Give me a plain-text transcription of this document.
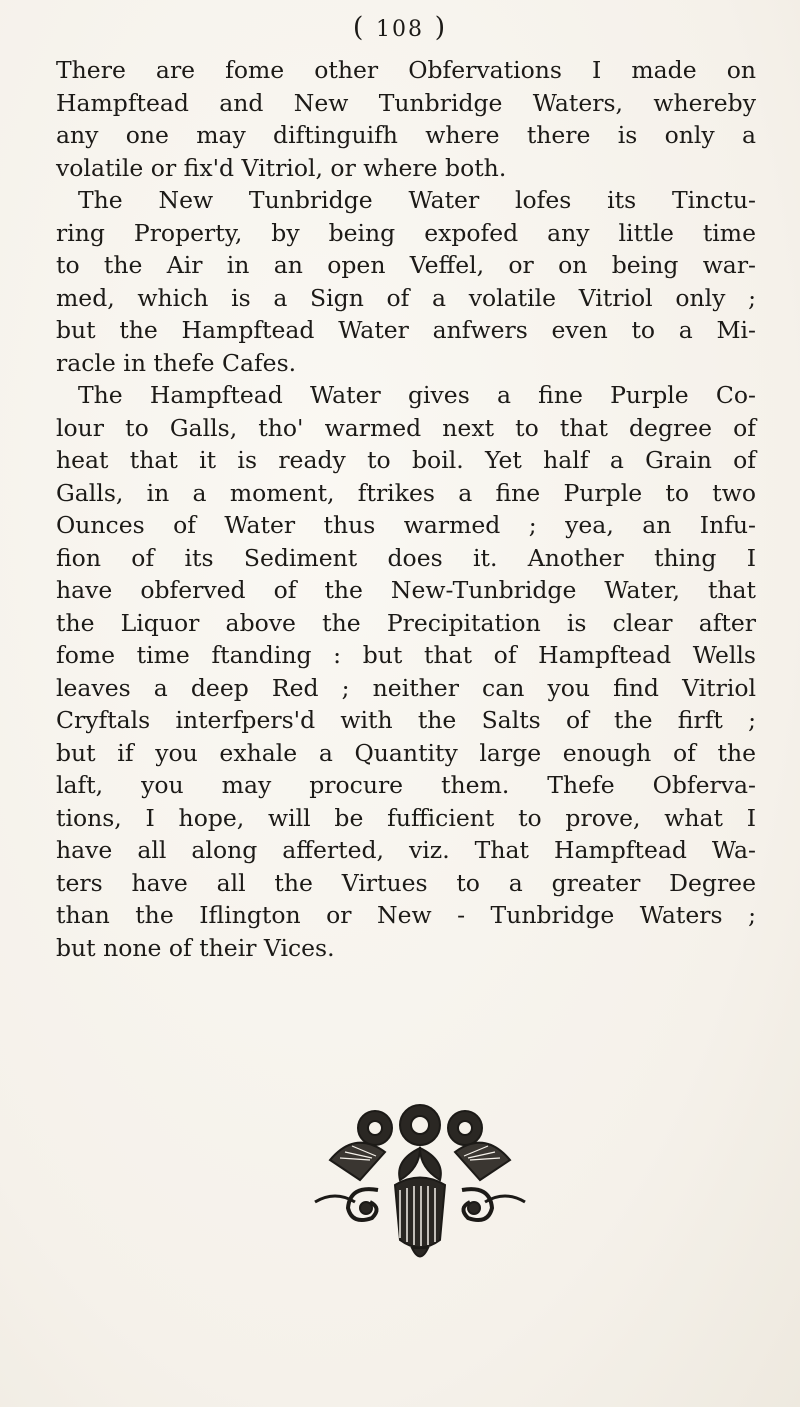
( 108 )
There are fome other Obfervations I made on
Hampftead and New Tunbridge Waters, whereby
any one may diftinguifh where there is only a
volatile or fix'd Vitriol, or where both.
The New Tunbridge Water lofes its Tinctu-
ring Property, by being expofed any little time
to the Air in an open Veffel, or on being war-
med, which is a Sign of a volatile Vitriol only ;
but the Hampftead Water anfwers even to a Mi-
racle in thefe Cafes.
The Hampftead Water gives a fine Purple Co-
lour to Galls, tho' warmed next to that degree of
heat that it is ready to boil. Yet half a Grain of
Galls, in a moment, ftrikes a fine Purple to two
Ounces of Water thus warmed ; yea, an Infu-
fion of its Sediment does it. Another thing I
have obferved of the New-Tunbridge Water, that
the Liquor above the Precipitation is clear after
fome time ftanding : but that of Hampftead Wells
leaves a deep Red ; neither can you find Vitriol
Cryftals interfpers'd with the Salts of the firft ;
but if you exhale a Quantity large enough of the
laft, you may procure them. Thefe Obferva-
tions, I hope, will be fufficient to prove, what I
have all along afferted, viz. That Hampftead Wa-
ters have all the Virtues to a greater Degree
than the Iflington or New - Tunbridge Waters ;
but none of their Vices.
